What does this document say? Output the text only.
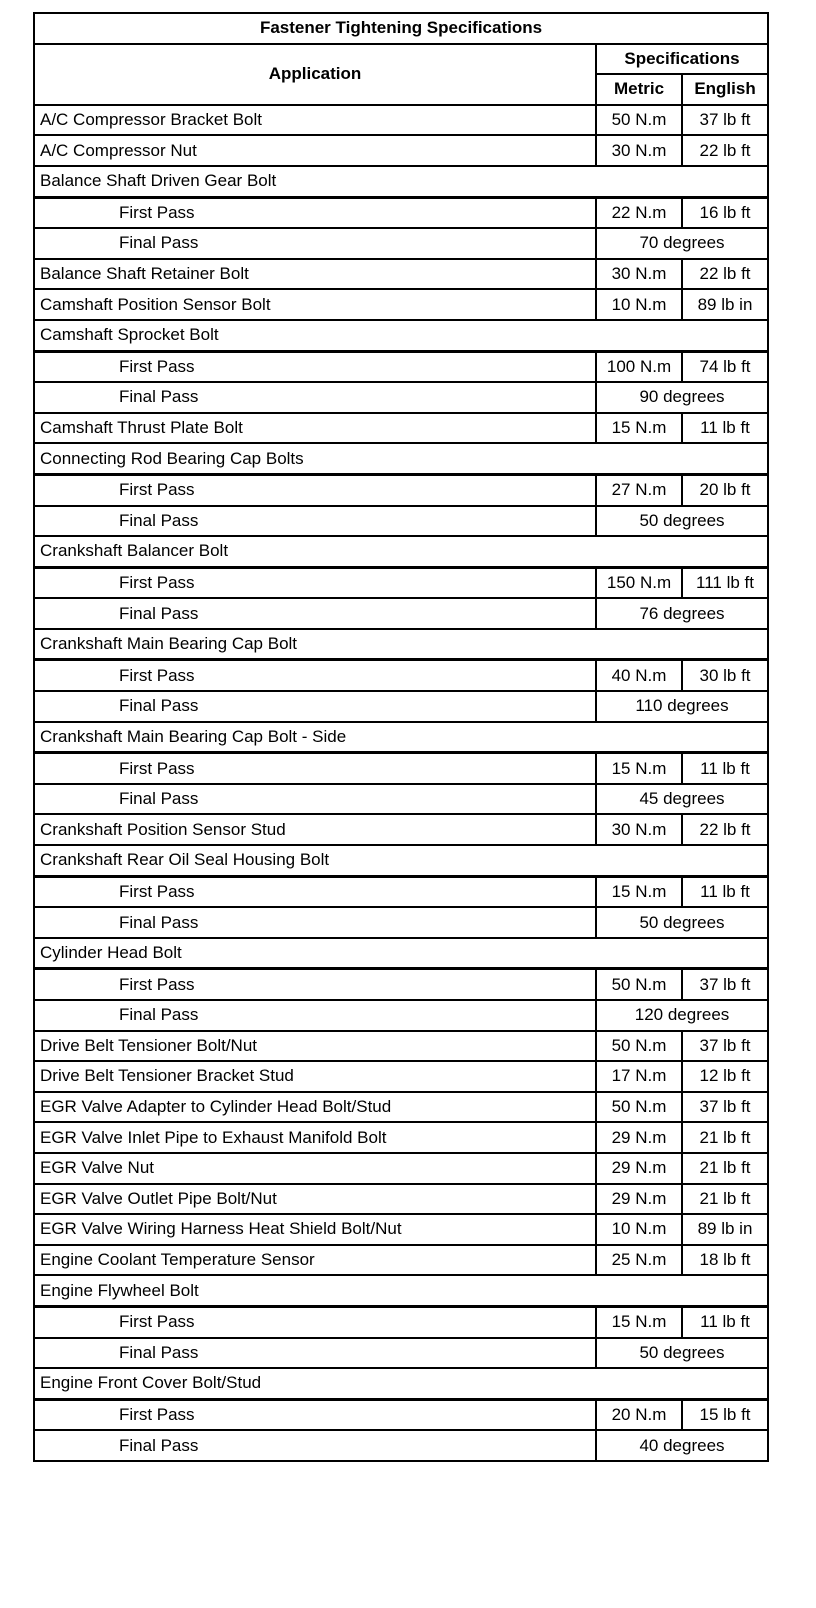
Fastener Tightening Specifications		
Application	Specifications	
	Metric	English
A/C Compressor Bracket Bolt	50 N.m	37 lb ft
A/C Compressor Nut	30 N.m	22 lb ft
Balance Shaft Driven Gear Bolt		
First Pass	22 N.m	16 lb ft
Final Pass	70 degrees	
Balance Shaft Retainer Bolt	30 N.m	22 lb ft
Camshaft Position Sensor Bolt	10 N.m	89 lb in
Camshaft Sprocket Bolt		
First Pass	100 N.m	74 lb ft
Final Pass	90 degrees	
Camshaft Thrust Plate Bolt	15 N.m	11 lb ft
Connecting Rod Bearing Cap Bolts		
First Pass	27 N.m	20 lb ft
Final Pass	50 degrees	
Crankshaft Balancer Bolt		
First Pass	150 N.m	111 lb ft
Final Pass	76 degrees	
Crankshaft Main Bearing Cap Bolt		
First Pass	40 N.m	30 lb ft
Final Pass	110 degrees	
Crankshaft Main Bearing Cap Bolt - Side		
First Pass	15 N.m	11 lb ft
Final Pass	45 degrees	
Crankshaft Position Sensor Stud	30 N.m	22 lb ft
Crankshaft Rear Oil Seal Housing Bolt		
First Pass	15 N.m	11 lb ft
Final Pass	50 degrees	
Cylinder Head Bolt		
First Pass	50 N.m	37 lb ft
Final Pass	120 degrees	
Drive Belt Tensioner Bolt/Nut	50 N.m	37 lb ft
Drive Belt Tensioner Bracket Stud	17 N.m	12 lb ft
EGR Valve Adapter to Cylinder Head Bolt/Stud	50 N.m	37 lb ft
EGR Valve Inlet Pipe to Exhaust Manifold Bolt	29 N.m	21 lb ft
EGR Valve Nut	29 N.m	21 lb ft
EGR Valve Outlet Pipe Bolt/Nut	29 N.m	21 lb ft
EGR Valve Wiring Harness Heat Shield Bolt/Nut	10 N.m	89 lb in
Engine Coolant Temperature Sensor	25 N.m	18 lb ft
Engine Flywheel Bolt		
First Pass	15 N.m	11 lb ft
Final Pass	50 degrees	
Engine Front Cover Bolt/Stud		
First Pass	20 N.m	15 lb ft
Final Pass	40 degrees	
